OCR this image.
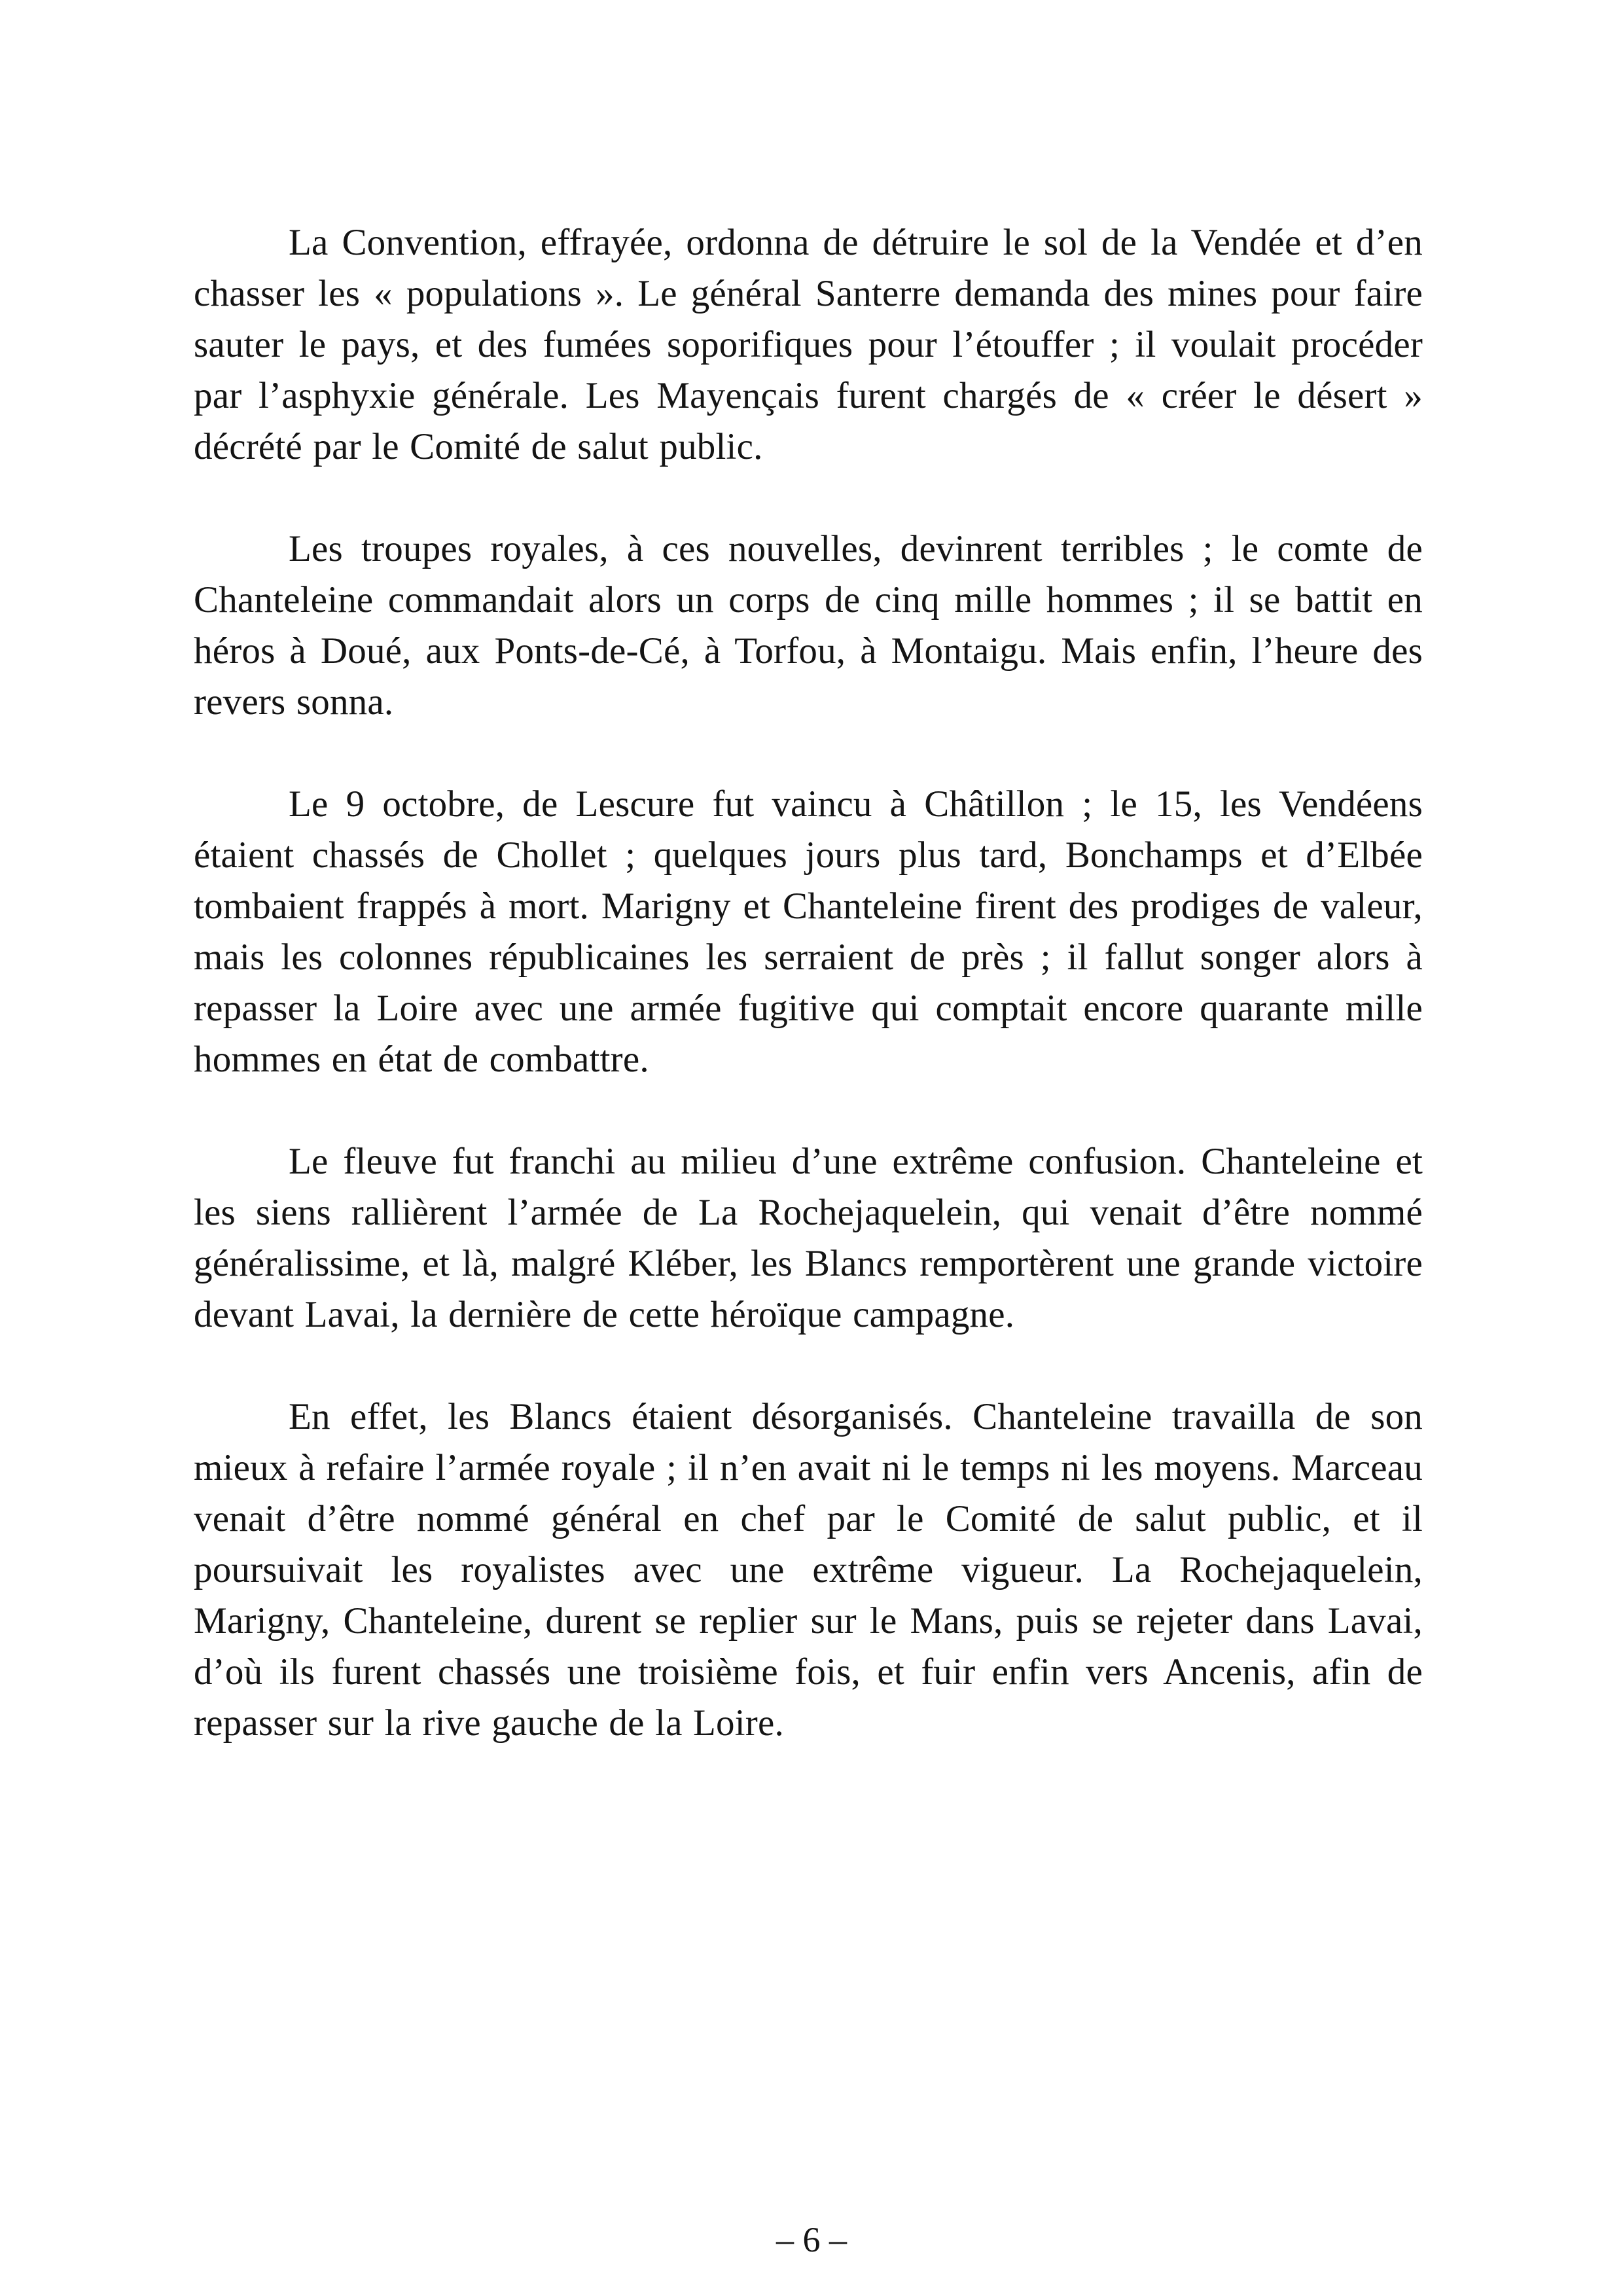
La Convention, effrayée, ordonna de détruire le sol de la Vendée et d’en chasser les « populations ». Le général Santerre demanda des mines pour faire sauter le pays, et des fumées soporifiques pour l’étouffer ; il voulait procéder par l’asphyxie générale. Les Mayençais furent chargés de « créer le désert » décrété par le Comité de salut public.

Les troupes royales, à ces nouvelles, devinrent terribles ; le comte de Chanteleine commandait alors un corps de cinq mille hommes ; il se battit en héros à Doué, aux Ponts-de-Cé, à Torfou, à Montaigu. Mais enfin, l’heure des revers sonna.

Le 9 octobre, de Lescure fut vaincu à Châtillon ; le 15, les Vendéens étaient chassés de Chollet ; quelques jours plus tard, Bonchamps et d’Elbée tombaient frappés à mort. Marigny et Chanteleine firent des prodiges de valeur, mais les colonnes républicaines les serraient de près ; il fallut songer alors à repasser la Loire avec une armée fugitive qui comptait encore quarante mille hommes en état de combattre.

Le fleuve fut franchi au milieu d’une extrême confusion. Chanteleine et les siens rallièrent l’armée de La Rochejaquelein, qui venait d’être nommé généralissime, et là, malgré Kléber, les Blancs remportèrent une grande victoire devant Lavai, la dernière de cette héroïque campagne.

En effet, les Blancs étaient désorganisés. Chanteleine travailla de son mieux à refaire l’armée royale ; il n’en avait ni le temps ni les moyens. Marceau venait d’être nommé général en chef par le Comité de salut public, et il poursuivait les royalistes avec une extrême vigueur. La Rochejaquelein, Marigny, Chanteleine, durent se replier sur le Mans, puis se rejeter dans Lavai, d’où ils furent chassés une troisième fois, et fuir enfin vers Ancenis, afin de repasser sur la rive gauche de la Loire.

– 6 –
